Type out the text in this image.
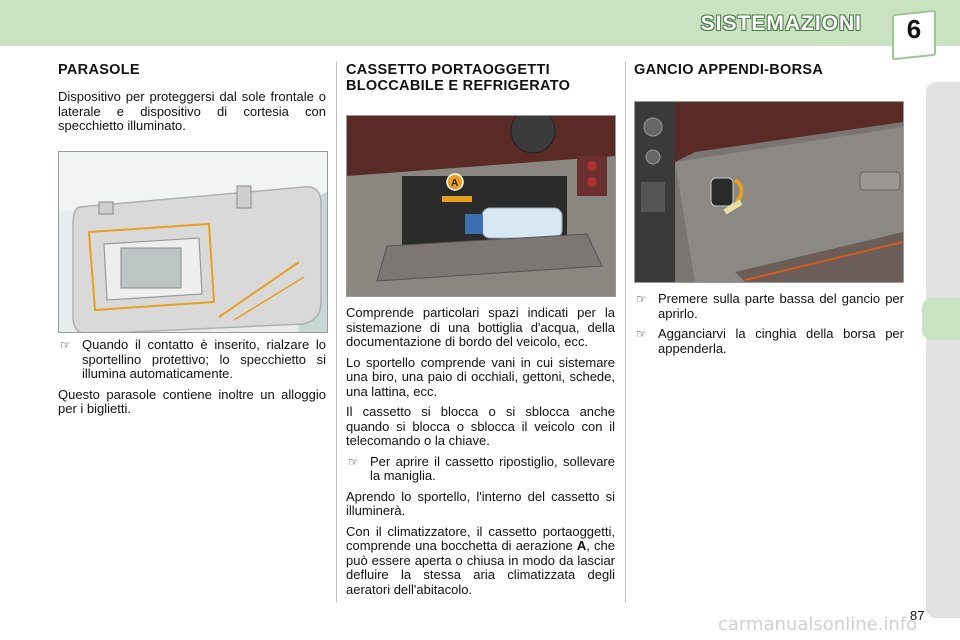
SISTEMAZIONI	6
PARASOLE

Dispositivo per proteggersi dal sole frontale o laterale e dispositivo di cortesia con specchietto illuminato.

☞ Quando il contatto è inserito, rialzare lo sportellino protettivo; lo specchietto si illumina automaticamente.

Questo parasole contiene inoltre un alloggio per i biglietti.

CASSETTO PORTAOGGETTI
BLOCCABILE E REFRIGERATO
A

Comprende particolari spazi indicati per la sistemazione di una bottiglia d'acqua, della documentazione di bordo del veicolo, ecc.

Lo sportello comprende vani in cui sistemare una biro, una paio di occhiali, gettoni, schede, una lattina, ecc.

Il cassetto si blocca o si sblocca anche quando si blocca o sblocca il veicolo con il telecomando o la chiave.

☞ Per aprire il cassetto ripostiglio, sollevare la maniglia.

Aprendo lo sportello, l'interno del cassetto si illuminerà.

Con il climatizzatore, il cassetto portaoggetti, comprende una bocchetta di aerazione A, che può essere aperta o chiusa in modo da lasciar defluire la stessa aria climatizzata degli aeratori dell'abitacolo.

GANCIO APPENDI-BORSA
☞ Premere sulla parte bassa del gancio per aprirlo.
☞ Agganciarvi la cinghia della borsa per appenderla.
87
carmanualsonline.info
